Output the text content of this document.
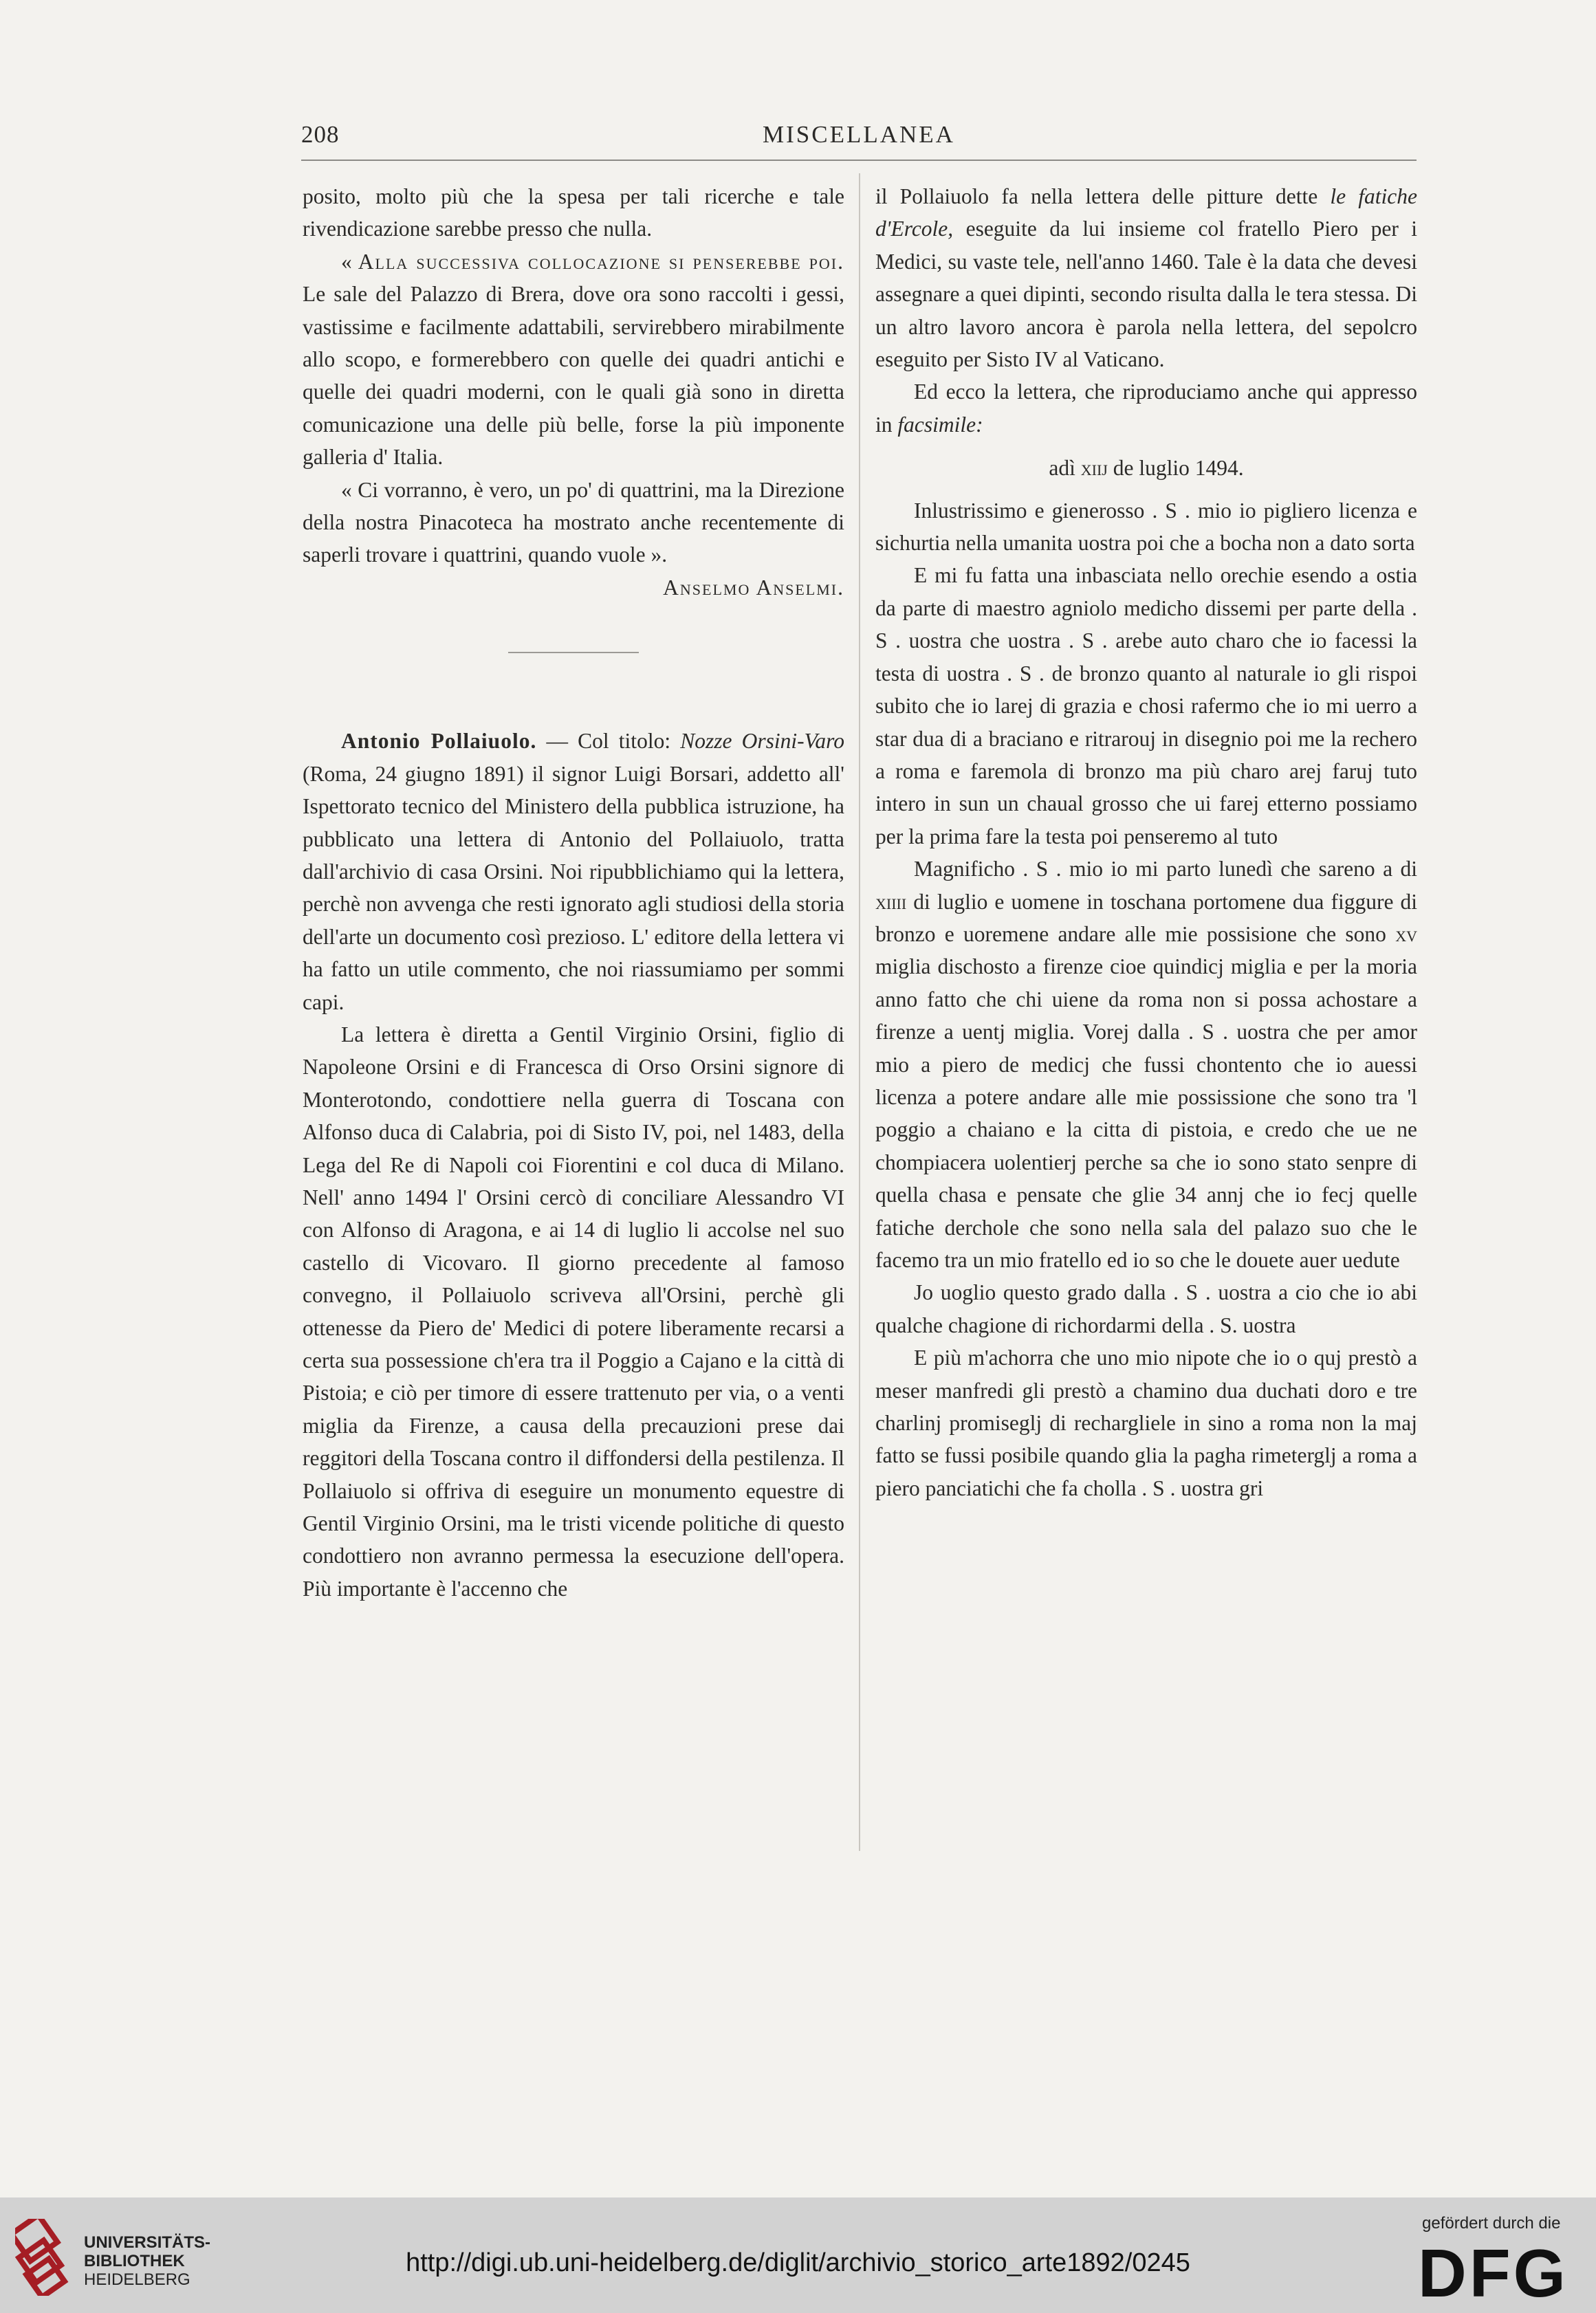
208	MISCELLANEA

posito, molto più che la spesa per tali ricerche e tale rivendicazione sarebbe presso che nulla.

« Alla successiva collocazione si penserebbe poi. Le sale del Palazzo di Brera, dove ora sono raccolti i gessi, vastissime e facilmente adattabili, servirebbero mirabilmente allo scopo, e formerebbero con quelle dei quadri antichi e quelle dei quadri moderni, con le quali già sono in diretta comunicazione una delle più belle, forse la più imponente galleria d' Italia.

« Ci vorranno, è vero, un po' di quattrini, ma la Direzione della nostra Pinacoteca ha mostrato anche recentemente di saperli trovare i quattrini, quando vuole ».

Anselmo Anselmi.

Antonio Pollaiuolo. — Col titolo: Nozze Orsini-Varo (Roma, 24 giugno 1891) il signor Luigi Borsari, addetto all' Ispettorato tecnico del Ministero della pubblica istruzione, ha pubblicato una lettera di Antonio del Pollaiuolo, tratta dall'archivio di casa Orsini. Noi ripubblichiamo qui la lettera, perchè non avvenga che resti ignorato agli studiosi della storia dell'arte un documento così prezioso. L' editore della lettera vi ha fatto un utile commento, che noi riassumiamo per sommi capi.

La lettera è diretta a Gentil Virginio Orsini, figlio di Napoleone Orsini e di Francesca di Orso Orsini signore di Monterotondo, condottiere nella guerra di Toscana con Alfonso duca di Calabria, poi di Sisto IV, poi, nel 1483, della Lega del Re di Napoli coi Fiorentini e col duca di Milano. Nell' anno 1494 l' Orsini cercò di conciliare Alessandro VI con Alfonso di Aragona, e ai 14 di luglio li accolse nel suo castello di Vicovaro. Il giorno precedente al famoso convegno, il Pollaiuolo scriveva all'Orsini, perchè gli ottenesse da Piero de' Medici di potere liberamente recarsi a certa sua possessione ch'era tra il Poggio a Cajano e la città di Pistoia; e ciò per timore di essere trattenuto per via, o a venti miglia da Firenze, a causa della precauzioni prese dai reggitori della Toscana contro il diffondersi della pestilenza. Il Pollaiuolo si offriva di eseguire un monumento equestre di Gentil Virginio Orsini, ma le tristi vicende politiche di questo condottiero non avranno permessa la esecuzione dell'opera. Più importante è l'accenno che

il Pollaiuolo fa nella lettera delle pitture dette le fatiche d'Ercole, eseguite da lui insieme col fratello Piero per i Medici, su vaste tele, nell'anno 1460. Tale è la data che devesi assegnare a quei dipinti, secondo risulta dalla le tera stessa. Di un altro lavoro ancora è parola nella lettera, del sepolcro eseguito per Sisto IV al Vaticano.

Ed ecco la lettera, che riproduciamo anche qui appresso in facsimile:

adì xiij de luglio 1494.

Inlustrissimo e gienerosso . S . mio io pigliero licenza e sichurtia nella umanita uostra poi che a bocha non a dato sorta

E mi fu fatta una inbasciata nello orechie esendo a ostia da parte di maestro agniolo medicho dissemi per parte della . S . uostra che uostra . S . arebe auto charo che io facessi la testa di uostra . S . de bronzo quanto al naturale io gli rispoi subito che io larej di grazia e chosi rafermo che io mi uerro a star dua di a braciano e ritrarouj in disegnio poi me la rechero a roma e faremola di bronzo ma più charo arej faruj tuto intero in sun un chaual grosso che ui farej etterno possiamo per la prima fare la testa poi penseremo al tuto

Magnificho . S . mio io mi parto lunedì che sareno a di xiiii di luglio e uomene in toschana portomene dua figgure di bronzo e uoremene andare alle mie possisione che sono xv miglia dischosto a firenze cioe quindicj miglia e per la moria anno fatto che chi uiene da roma non si possa achostare a firenze a uentj miglia. Vorej dalla . S . uostra che per amor mio a piero de medicj che fussi chontento che io auessi licenza a potere andare alle mie possissione che sono tra 'l poggio a chaiano e la citta di pistoia, e credo che ue ne chompiacera uolentierj perche sa che io sono stato senpre di quella chasa e pensate che glie 34 annj che io fecj quelle fatiche derchole che sono nella sala del palazo suo che le facemo tra un mio fratello ed io so che le douete auer uedute

Jo uoglio questo grado dalla . S . uostra a cio che io abi qualche chagione di richordarmi della . S. uostra

E più m'achorra che uno mio nipote che io o quj prestò a meser manfredi gli prestò a chamino dua duchati doro e tre charlinj promiseglj di rechargliele in sino a roma non la maj fatto se fussi posibile quando glia la pagha rimeterglj a roma a piero panciatichi che fa cholla . S . uostra gri

UNIVERSITÄTS-
BIBLIOTHEK
HEIDELBERG
http://digi.ub.uni-heidelberg.de/diglit/archivio_storico_arte1892/0245
gefördert durch die
DFG
